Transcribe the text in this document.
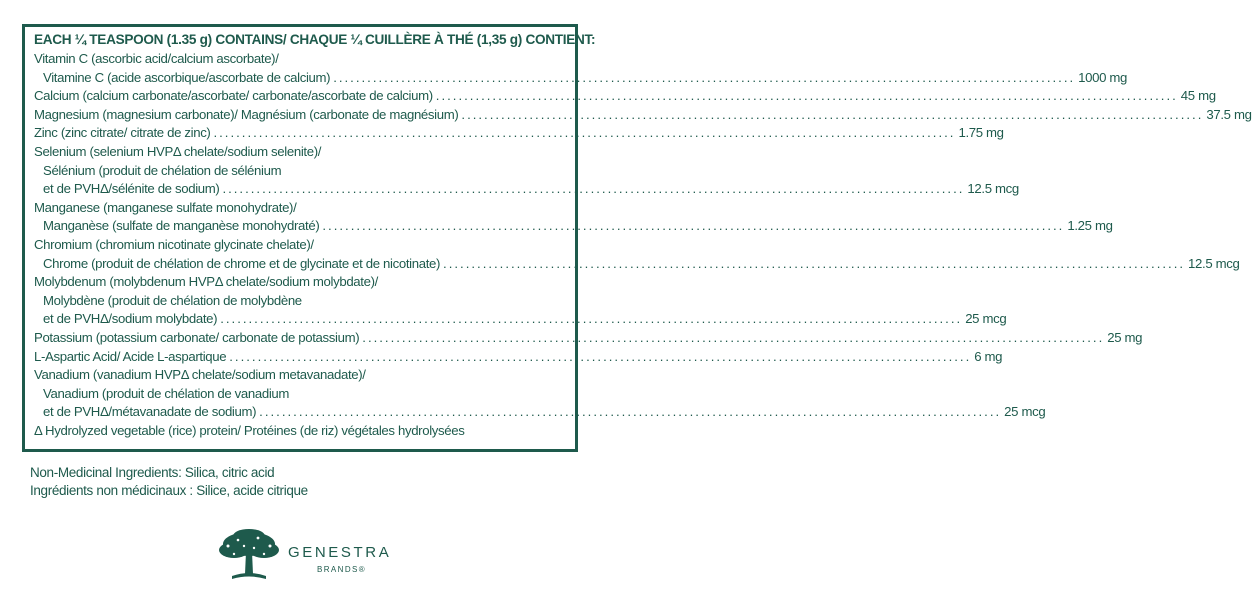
EACH ¼ TEASPOON (1.35 g) CONTAINS/ CHAQUE ¼ CUILLÈRE À THÉ (1,35 g) CONTIENT:
Vitamin C (ascorbic acid/calcium ascorbate)/
Vitamine C (acide ascorbique/ascorbate de calcium) ................................................................................................................................... 1000 mg
Calcium (calcium carbonate/ascorbate/ carbonate/ascorbate de calcium) ................................................................................................................................... 45 mg
Magnesium (magnesium carbonate)/ Magnésium (carbonate de magnésium) ................................................................................................................................... 37.5 mg
Zinc (zinc citrate/ citrate de zinc) ................................................................................................................................... 1.75 mg
Selenium (selenium HVPΔ chelate/sodium selenite)/
Sélénium (produit de chélation de sélénium
et de PVHΔ/sélénite de sodium) ................................................................................................................................... 12.5 mcg
Manganese (manganese sulfate monohydrate)/
Manganèse (sulfate de manganèse monohydraté) ................................................................................................................................... 1.25 mg
Chromium (chromium nicotinate glycinate chelate)/
Chrome (produit de chélation de chrome et de glycinate et de nicotinate) ................................................................................................................................... 12.5 mcg
Molybdenum (molybdenum HVPΔ chelate/sodium molybdate)/
Molybdène (produit de chélation de molybdène
et de PVHΔ/sodium molybdate) ................................................................................................................................... 25 mcg
Potassium (potassium carbonate/ carbonate de potassium) ................................................................................................................................... 25 mg
L-Aspartic Acid/ Acide L-aspartique ................................................................................................................................... 6 mg
Vanadium (vanadium HVPΔ chelate/sodium metavanadate)/
Vanadium (produit de chélation de vanadium
et de PVHΔ/métavanadate de sodium) ................................................................................................................................... 25 mcg
Δ Hydrolyzed vegetable (rice) protein/ Protéines (de riz) végétales hydrolysées
Non-Medicinal Ingredients: Silica, citric acid
Ingrédients non médicinaux : Silice, acide citrique
GENESTRA
BRANDS®
